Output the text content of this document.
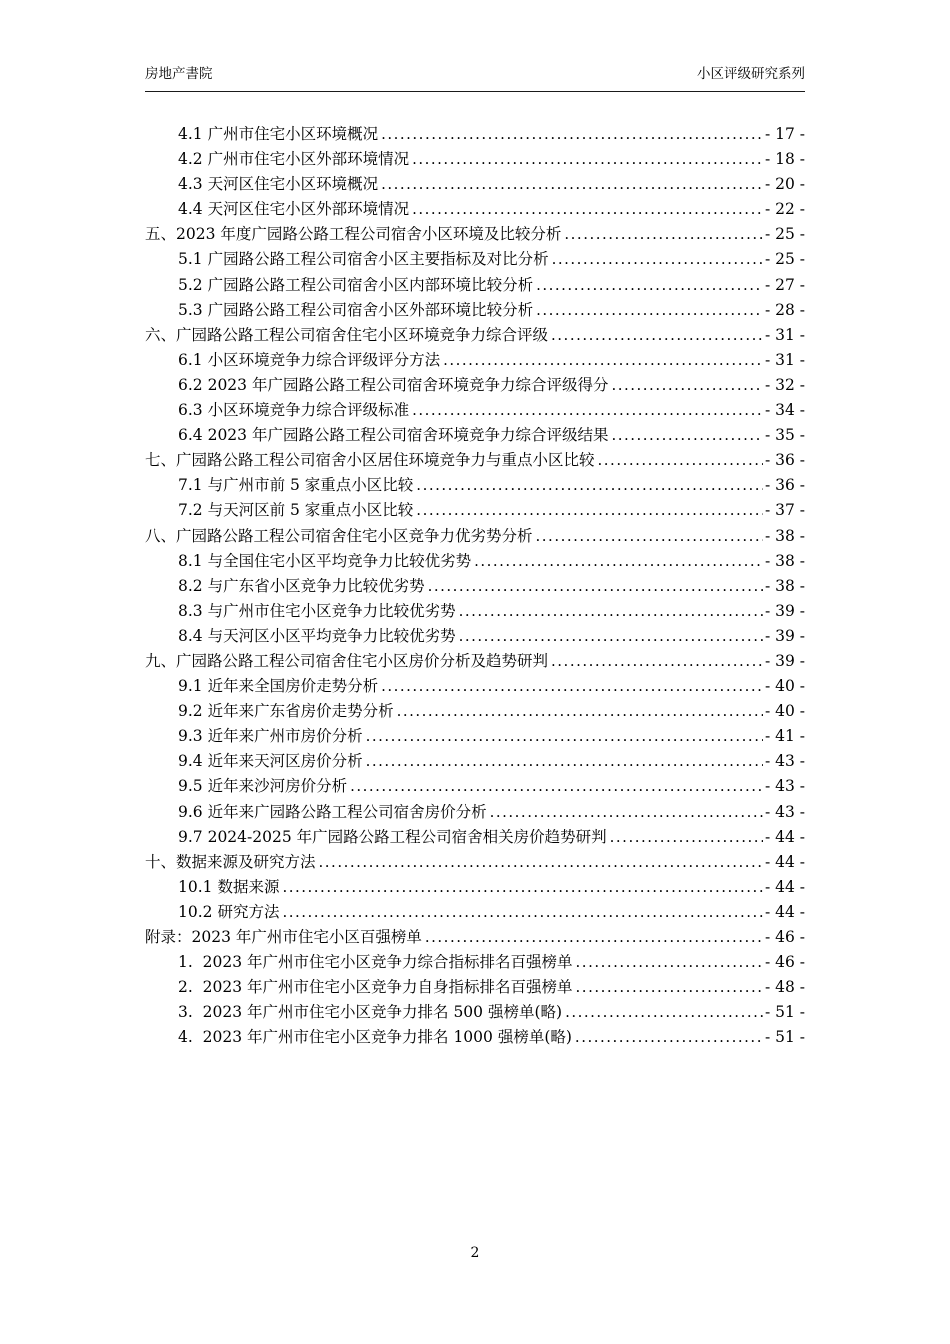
房地产書院	小区评级研究系列
4.1 广州市住宅小区环境概况 .....	- 17 -
4.2 广州市住宅小区外部环境情况 .....	- 18 -
4.3 天河区住宅小区环境概况 .....	- 20 -
4.4 天河区住宅小区外部环境情况 .....	- 22 -
五、2023 年度广园路公路工程公司宿舍小区环境及比较分析 .....	- 25 -
5.1 广园路公路工程公司宿舍小区主要指标及对比分析 .....	- 25 -
5.2 广园路公路工程公司宿舍小区内部环境比较分析 .....	- 27 -
5.3 广园路公路工程公司宿舍小区外部环境比较分析 .....	- 28 -
六、广园路公路工程公司宿舍住宅小区环境竞争力综合评级 .....	- 31 -
6.1 小区环境竞争力综合评级评分方法 .....	- 31 -
6.2 2023 年广园路公路工程公司宿舍环境竞争力综合评级得分 .....	- 32 -
6.3 小区环境竞争力综合评级标准 .....	- 34 -
6.4 2023 年广园路公路工程公司宿舍环境竞争力综合评级结果 .....	- 35 -
七、广园路公路工程公司宿舍小区居住环境竞争力与重点小区比较 .....	- 36 -
7.1 与广州市前 5 家重点小区比较 .....	- 36 -
7.2 与天河区前 5 家重点小区比较 .....	- 37 -
八、广园路公路工程公司宿舍住宅小区竞争力优劣势分析 .....	- 38 -
8.1 与全国住宅小区平均竞争力比较优劣势 .....	- 38 -
8.2 与广东省小区竞争力比较优劣势 .....	- 38 -
8.3 与广州市住宅小区竞争力比较优劣势 .....	- 39 -
8.4 与天河区小区平均竞争力比较优劣势 .....	- 39 -
九、广园路公路工程公司宿舍住宅小区房价分析及趋势研判 .....	- 39 -
9.1 近年来全国房价走势分析 .....	- 40 -
9.2 近年来广东省房价走势分析 .....	- 40 -
9.3 近年来广州市房价分析 .....	- 41 -
9.4 近年来天河区房价分析 .....	- 43 -
9.5 近年来沙河房价分析 .....	- 43 -
9.6 近年来广园路公路工程公司宿舍房价分析 .....	- 43 -
9.7 2024-2025 年广园路公路工程公司宿舍相关房价趋势研判 .....	- 44 -
十、数据来源及研究方法 .....	- 44 -
10.1 数据来源 .....	- 44 -
10.2 研究方法 .....	- 44 -
附录：2023 年广州市住宅小区百强榜单 .....	- 46 -
1.  2023 年广州市住宅小区竞争力综合指标排名百强榜单 .....	- 46 -
2.  2023 年广州市住宅小区竞争力自身指标排名百强榜单 .....	- 48 -
3.  2023 年广州市住宅小区竞争力排名 500 强榜单(略) .....	- 51 -
4.  2023 年广州市住宅小区竞争力排名 1000 强榜单(略) .....	- 51 -
2
